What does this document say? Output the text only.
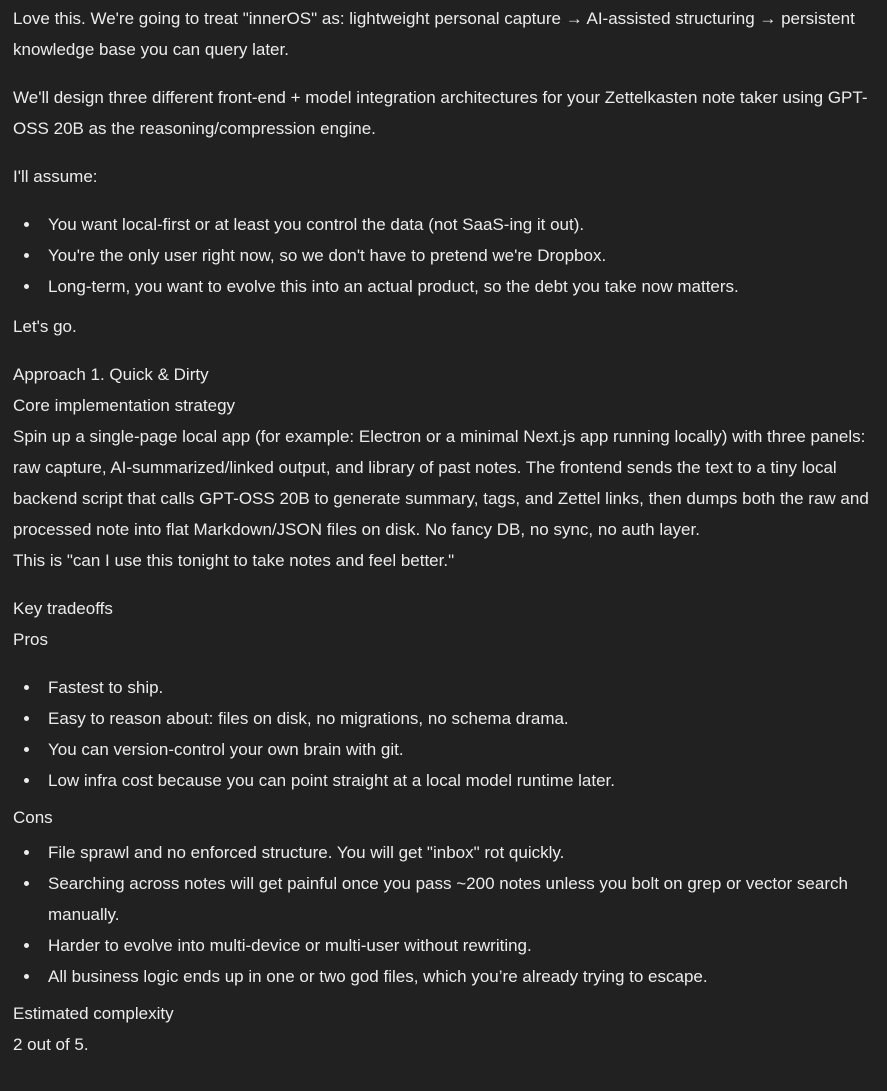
Love this. We're going to treat "innerOS" as: lightweight personal capture → AI-assisted structuring → persistent knowledge base you can query later.

We'll design three different front-end + model integration architectures for your Zettelkasten note taker using GPT-OSS 20B as the reasoning/compression engine.

I'll assume:

You want local-first or at least you control the data (not SaaS-ing it out).
You're the only user right now, so we don't have to pretend we're Dropbox.
Long-term, you want to evolve this into an actual product, so the debt you take now matters.

Let's go.

Approach 1. Quick & Dirty

Core implementation strategy

Spin up a single-page local app (for example: Electron or a minimal Next.js app running locally) with three panels: raw capture, AI-summarized/linked output, and library of past notes. The frontend sends the text to a tiny local backend script that calls GPT-OSS 20B to generate summary, tags, and Zettel links, then dumps both the raw and processed note into flat Markdown/JSON files on disk. No fancy DB, no sync, no auth layer.

This is "can I use this tonight to take notes and feel better."

Key tradeoffs

Pros

Fastest to ship.
Easy to reason about: files on disk, no migrations, no schema drama.
You can version-control your own brain with git.
Low infra cost because you can point straight at a local model runtime later.

Cons

File sprawl and no enforced structure. You will get "inbox" rot quickly.
Searching across notes will get painful once you pass ~200 notes unless you bolt on grep or vector search manually.
Harder to evolve into multi-device or multi-user without rewriting.
All business logic ends up in one or two god files, which you’re already trying to escape.

Estimated complexity

2 out of 5.
